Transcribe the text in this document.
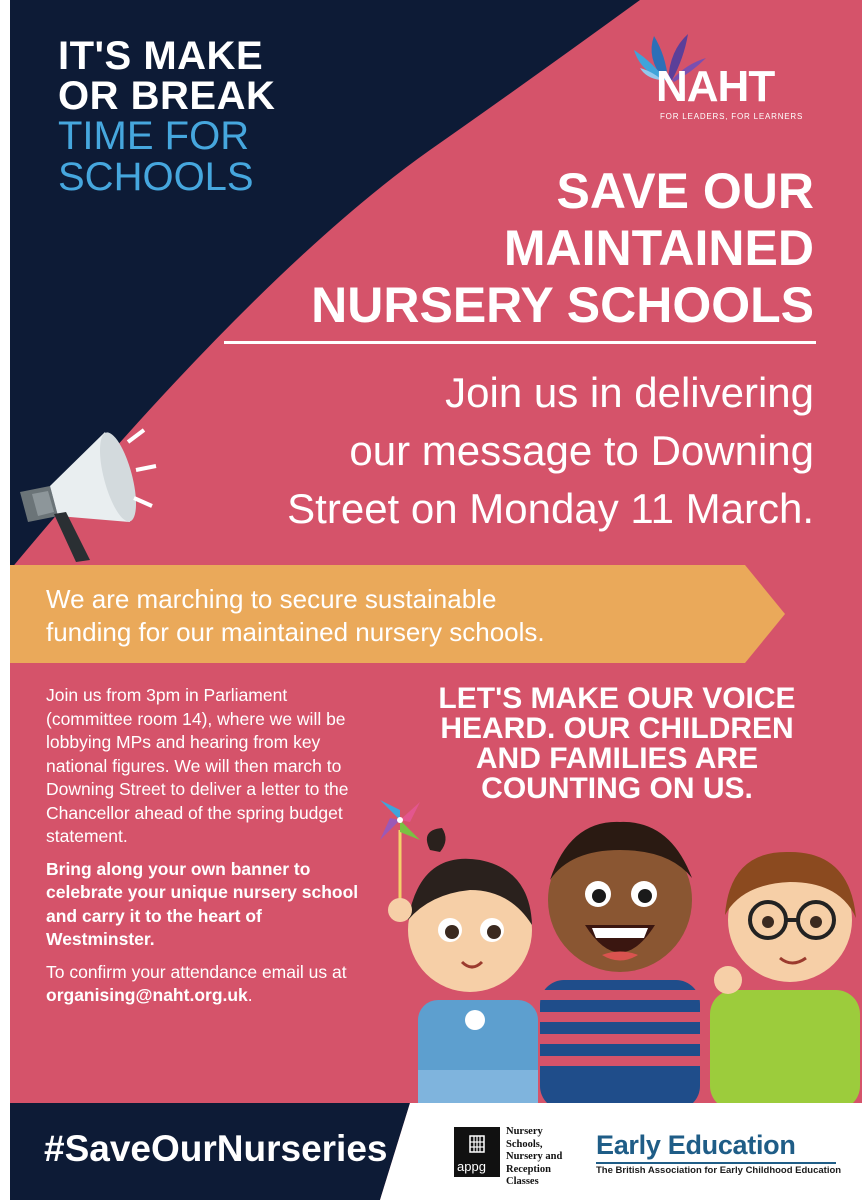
IT'S MAKE
OR BREAK
TIME FOR
SCHOOLS
NAHT
FOR LEADERS, FOR LEARNERS
SAVE OUR
MAINTAINED
NURSERY SCHOOLS
Join us in delivering
our message to Downing
Street on Monday 11 March.
We are marching to secure sustainable
funding for our maintained nursery schools.

Join us from 3pm in Parliament (committee room 14), where we will be lobbying MPs and hearing from key national figures. We will then march to Downing Street to deliver a letter to the Chancellor ahead of the spring budget statement.

Bring along your own banner to celebrate your unique nursery school and carry it to the heart of Westminster.

To confirm your attendance email us at
organising@naht.org.uk.

LET'S MAKE OUR VOICE
HEARD. OUR CHILDREN
AND FAMILIES ARE
COUNTING ON US.
#SaveOurNurseries	appg
Nursery
Schools,
Nursery and
Reception
Classes
Early Education
The British Association for Early Childhood Education
